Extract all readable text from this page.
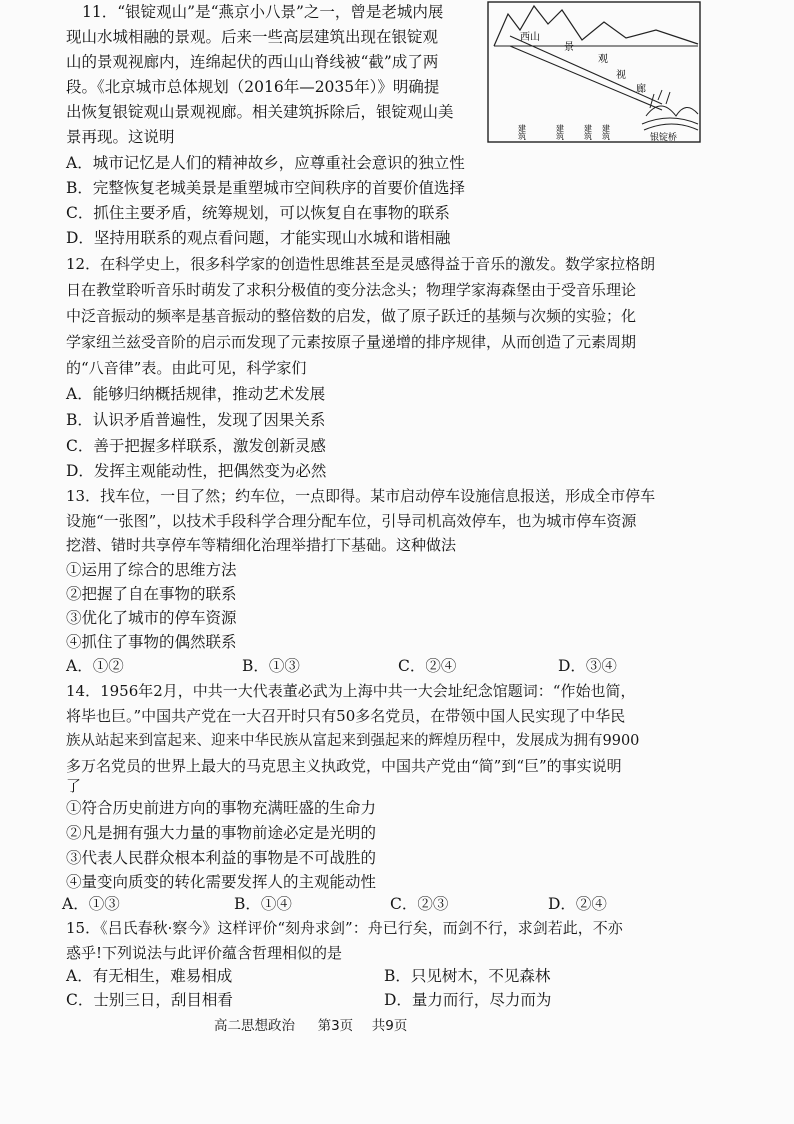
11．“银锭观山”是“燕京小八景”之一，曾是老城内展
现山水城相融的景观。后来一些高层建筑出现在银锭观
山的景观视廊内，连绵起伏的西山山脊线被“截”成了两
段。《北京城市总体规划（2016年—2035年）》明确提
出恢复银锭观山景观视廊。相关建筑拆除后，银锭观山美
景再现。这说明
西山
景
观
视
廊
建筑	建筑 建筑 建筑	银锭桥
A．城市记忆是人们的精神故乡，应尊重社会意识的独立性
B．完整恢复老城美景是重塑城市空间秩序的首要价值选择
C．抓住主要矛盾，统筹规划，可以恢复自在事物的联系
D．坚持用联系的观点看问题，才能实现山水城和谐相融
12．在科学史上，很多科学家的创造性思维甚至是灵感得益于音乐的激发。数学家拉格朗
日在教堂聆听音乐时萌发了求积分极值的变分法念头；物理学家海森堡由于受音乐理论
中泛音振动的频率是基音振动的整倍数的启发，做了原子跃迁的基频与次频的实验；化
学家纽兰兹受音阶的启示而发现了元素按原子量递增的排序规律，从而创造了元素周期
的“八音律”表。由此可见，科学家们
A．能够归纳概括规律，推动艺术发展
B．认识矛盾普遍性，发现了因果关系
C．善于把握多样联系，激发创新灵感
D．发挥主观能动性，把偶然变为必然
13．找车位，一目了然；约车位，一点即得。某市启动停车设施信息报送，形成全市停车
设施“一张图”，以技术手段科学合理分配车位，引导司机高效停车，也为城市停车资源
挖潜、错时共享停车等精细化治理举措打下基础。这种做法
①运用了综合的思维方法
②把握了自在事物的联系
③优化了城市的停车资源
④抓住了事物的偶然联系
A．①②	B．①③	C．②④	D．③④
14．1956年2月，中共一大代表董必武为上海中共一大会址纪念馆题词：“作始也简，
将毕也巨。”中国共产党在一大召开时只有50多名党员，在带领中国人民实现了中华民
族从站起来到富起来、迎来中华民族从富起来到强起来的辉煌历程中，发展成为拥有9900
多万名党员的世界上最大的马克思主义执政党，中国共产党由“简”到“巨”的事实说明
了
①符合历史前进方向的事物充满旺盛的生命力
②凡是拥有强大力量的事物前途必定是光明的
③代表人民群众根本利益的事物是不可战胜的
④量变向质变的转化需要发挥人的主观能动性
A．①③	B．①④	C．②③	D．②④
15．《吕氏春秋·察今》这样评价“刻舟求剑”：舟已行矣，而剑不行，求剑若此，不亦
惑乎!下列说法与此评价蕴含哲理相似的是
A．有无相生，难易相成	B．只见树木，不见森林
C．士别三日，刮目相看	D．量力而行，尽力而为
高二思想政治 第3页 共9页
